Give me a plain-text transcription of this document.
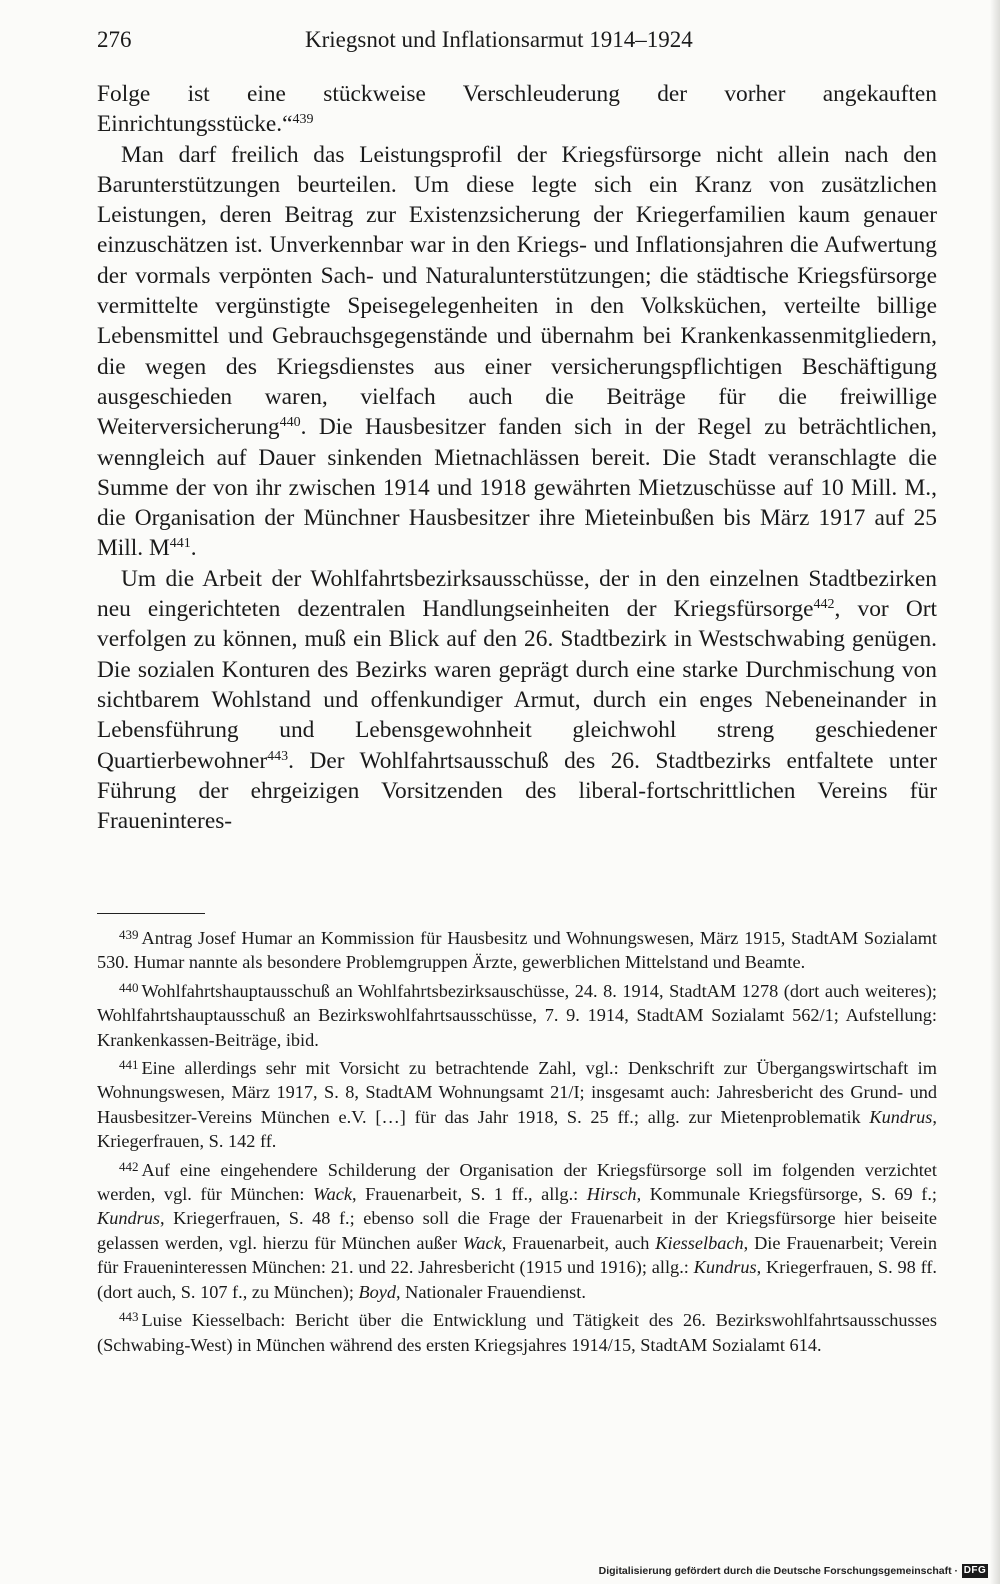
276	Kriegsnot und Inflationsarmut 1914–1924

Folge ist eine stückweise Verschleuderung der vorher angekauften Einrichtungsstücke.“$^{439}$

Man darf freilich das Leistungsprofil der Kriegsfürsorge nicht allein nach den Barunterstützungen beurteilen. Um diese legte sich ein Kranz von zusätzlichen Leistungen, deren Beitrag zur Existenzsicherung der Kriegerfamilien kaum genauer einzuschätzen ist. Unverkennbar war in den Kriegs- und Inflationsjahren die Aufwertung der vormals verpönten Sach- und Naturalunterstützungen; die städtische Kriegsfürsorge vermittelte vergünstigte Speisegelegenheiten in den Volksküchen, verteilte billige Lebensmittel und Gebrauchsgegenstände und übernahm bei Krankenkassenmitgliedern, die wegen des Kriegsdienstes aus einer versicherungspflichtigen Beschäftigung ausgeschieden waren, vielfach auch die Beiträge für die freiwillige Weiterversicherung$^{440}$. Die Hausbesitzer fanden sich in der Regel zu beträchtlichen, wenngleich auf Dauer sinkenden Mietnachlässen bereit. Die Stadt veranschlagte die Summe der von ihr zwischen 1914 und 1918 gewährten Mietzuschüsse auf 10 Mill. M., die Organisation der Münchner Hausbesitzer ihre Mieteinbußen bis März 1917 auf 25 Mill. M$^{441}$.

Um die Arbeit der Wohlfahrtsbezirksausschüsse, der in den einzelnen Stadtbezirken neu eingerichteten dezentralen Handlungseinheiten der Kriegsfürsorge$^{442}$, vor Ort verfolgen zu können, muß ein Blick auf den 26. Stadtbezirk in Westschwabing genügen. Die sozialen Konturen des Bezirks waren geprägt durch eine starke Durchmischung von sichtbarem Wohlstand und offenkundiger Armut, durch ein enges Nebeneinander in Lebensführung und Lebensgewohnheit gleichwohl streng geschiedener Quartierbewohner$^{443}$. Der Wohlfahrtsausschuß des 26. Stadtbezirks entfaltete unter Führung der ehrgeizigen Vorsitzenden des liberal-fortschrittlichen Vereins für Fraueninteres-

$^{439}$ Antrag Josef Humar an Kommission für Hausbesitz und Wohnungswesen, März 1915, StadtAM Sozialamt 530. Humar nannte als besondere Problemgruppen Ärzte, gewerblichen Mittelstand und Beamte.

$^{440}$ Wohlfahrtshauptausschuß an Wohlfahrtsbezirksauschüsse, 24. 8. 1914, StadtAM 1278 (dort auch weiteres); Wohlfahrtshauptausschuß an Bezirkswohlfahrtsausschüsse, 7. 9. 1914, StadtAM Sozialamt 562/1; Aufstellung: Krankenkassen-Beiträge, ibid.

$^{441}$ Eine allerdings sehr mit Vorsicht zu betrachtende Zahl, vgl.: Denkschrift zur Übergangswirtschaft im Wohnungswesen, März 1917, S. 8, StadtAM Wohnungsamt 21/I; insgesamt auch: Jahresbericht des Grund- und Hausbesitzer-Vereins München e.V. […] für das Jahr 1918, S. 25 ff.; allg. zur Mietenproblematik Kundrus, Kriegerfrauen, S. 142 ff.

$^{442}$ Auf eine eingehendere Schilderung der Organisation der Kriegsfürsorge soll im folgenden verzichtet werden, vgl. für München: Wack, Frauenarbeit, S. 1 ff., allg.: Hirsch, Kommunale Kriegsfürsorge, S. 69 f.; Kundrus, Kriegerfrauen, S. 48 f.; ebenso soll die Frage der Frauenarbeit in der Kriegsfürsorge hier beiseite gelassen werden, vgl. hierzu für München außer Wack, Frauenarbeit, auch Kiesselbach, Die Frauenarbeit; Verein für Fraueninteressen München: 21. und 22. Jahresbericht (1915 und 1916); allg.: Kundrus, Kriegerfrauen, S. 98 ff. (dort auch, S. 107 f., zu München); Boyd, Nationaler Frauendienst.

$^{443}$ Luise Kiesselbach: Bericht über die Entwicklung und Tätigkeit des 26. Bezirkswohlfahrtsausschusses (Schwabing-West) in München während des ersten Kriegsjahres 1914/15, StadtAM Sozialamt 614.

Digitalisierung gefördert durch die Deutsche Forschungsgemeinschaft · DFG
